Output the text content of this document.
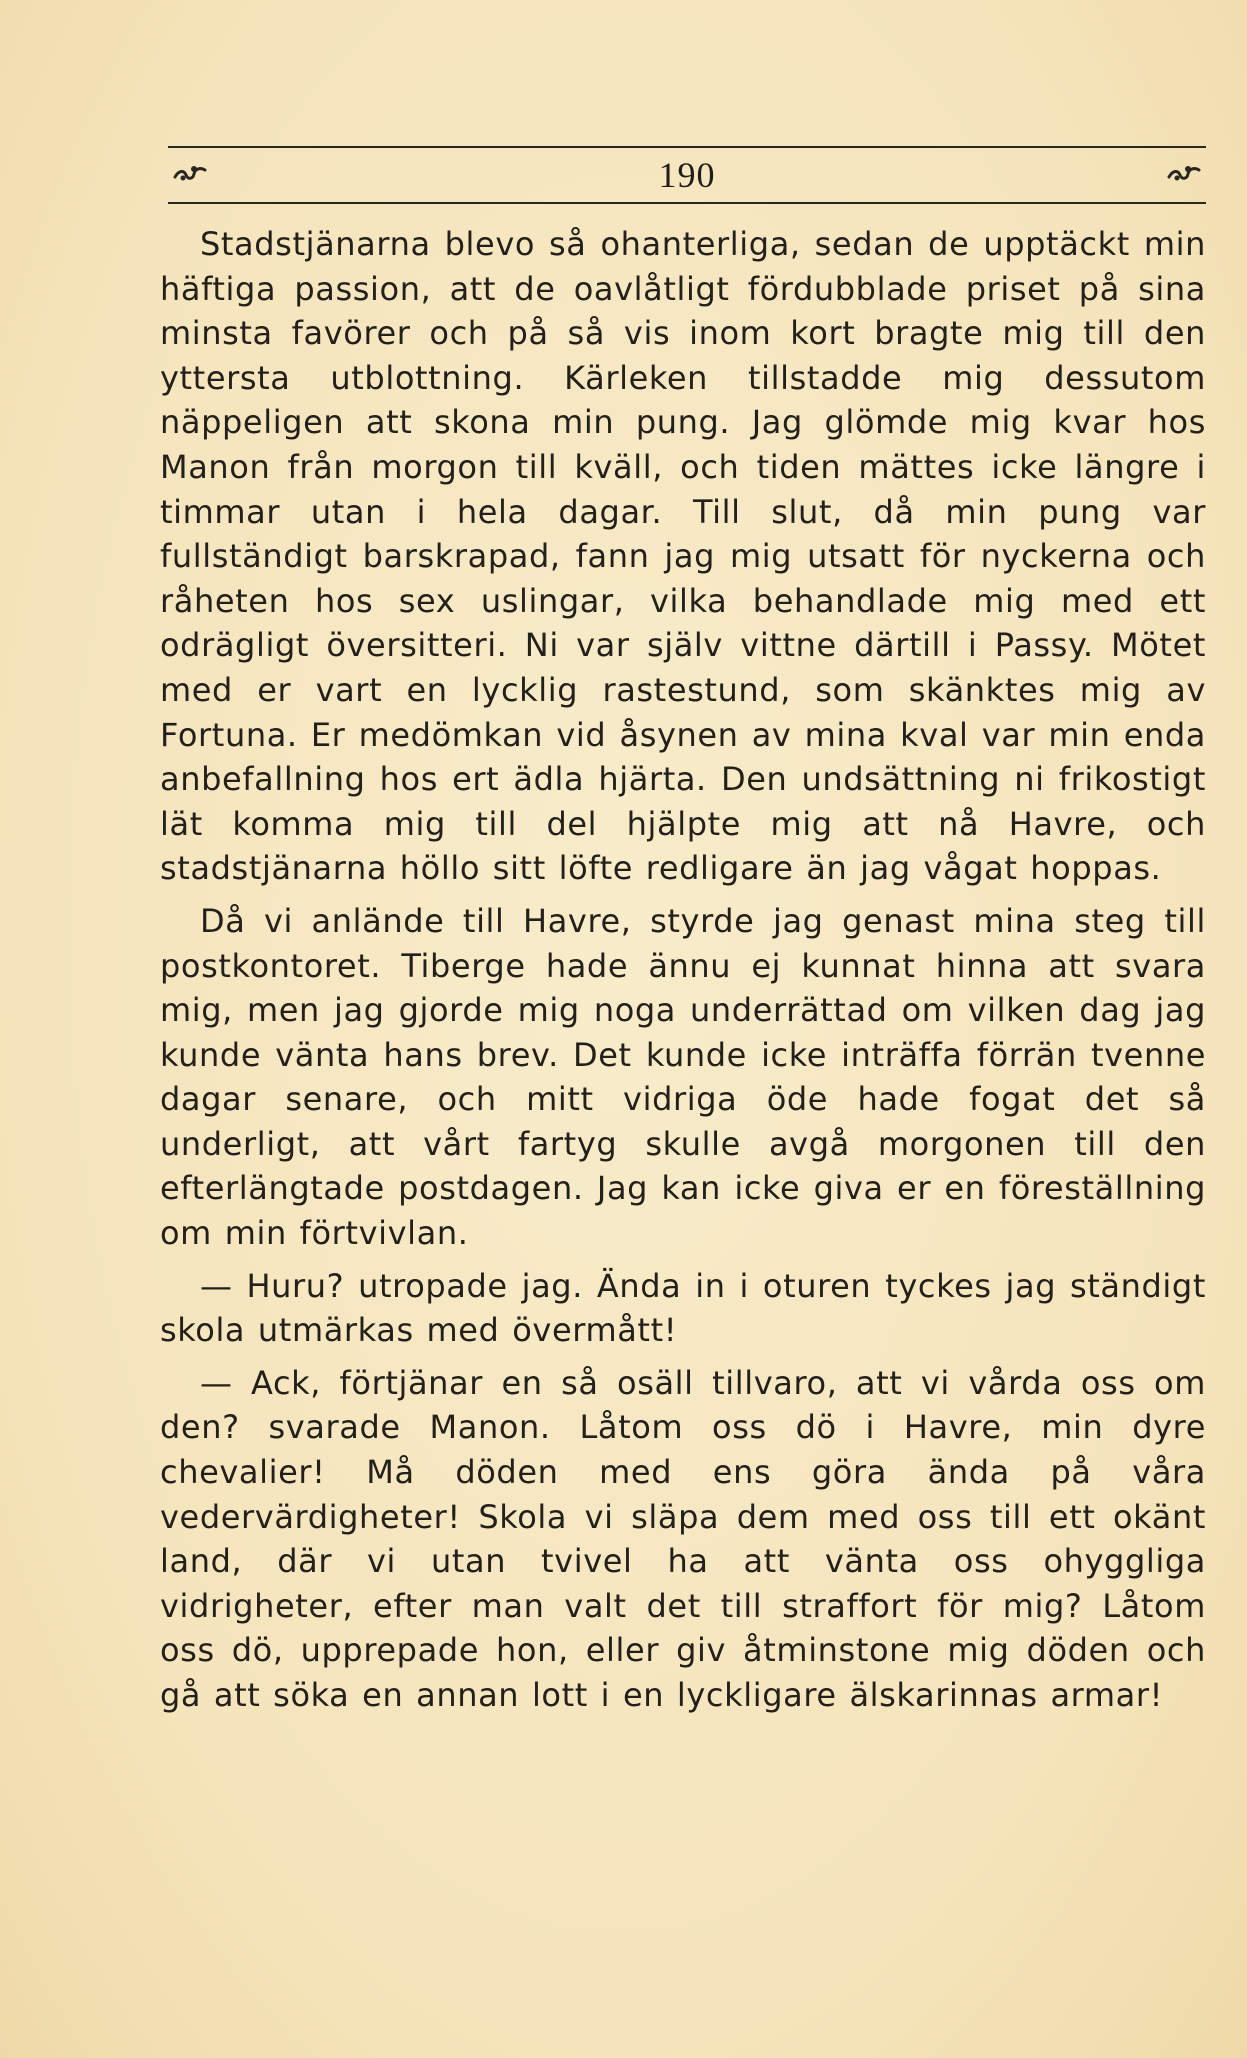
190

Stadstjänarna blevo så ohanterliga, sedan de upptäckt min häftiga passion, att de oavlåtligt fördubblade priset på sina minsta favörer och på så vis inom kort bragte mig till den yttersta utblottning. Kärleken tillstadde mig dessutom näppeligen att skona min pung. Jag glömde mig kvar hos Manon från morgon till kväll, och tiden mättes icke längre i timmar utan i hela dagar. Till slut, då min pung var fullständigt barskrapad, fann jag mig utsatt för nyckerna och råheten hos sex uslingar, vilka behandlade mig med ett odrägligt översitteri. Ni var själv vittne därtill i Passy. Mötet med er vart en lycklig rastestund, som skänktes mig av Fortuna. Er medömkan vid åsynen av mina kval var min enda anbefallning hos ert ädla hjärta. Den undsättning ni frikostigt lät komma mig till del hjälpte mig att nå Havre, och stadstjänarna höllo sitt löfte redligare än jag vågat hoppas.

Då vi anlände till Havre, styrde jag genast mina steg till postkontoret. Tiberge hade ännu ej kunnat hinna att svara mig, men jag gjorde mig noga underrättad om vilken dag jag kunde vänta hans brev. Det kunde icke inträffa förrän tvenne dagar senare, och mitt vidriga öde hade fogat det så underligt, att vårt fartyg skulle avgå morgonen till den efterlängtade postdagen. Jag kan icke giva er en föreställning om min förtvivlan.

— Huru? utropade jag. Ända in i oturen tyckes jag ständigt skola utmärkas med övermått!

— Ack, förtjänar en så osäll tillvaro, att vi vårda oss om den? svarade Manon. Låtom oss dö i Havre, min dyre chevalier! Må döden med ens göra ända på våra vedervärdigheter! Skola vi släpa dem med oss till ett okänt land, där vi utan tvivel ha att vänta oss ohyggliga vidrigheter, efter man valt det till straffort för mig? Låtom oss dö, upprepade hon, eller giv åtminstone mig döden och gå att söka en annan lott i en lyckligare älskarinnas armar!
